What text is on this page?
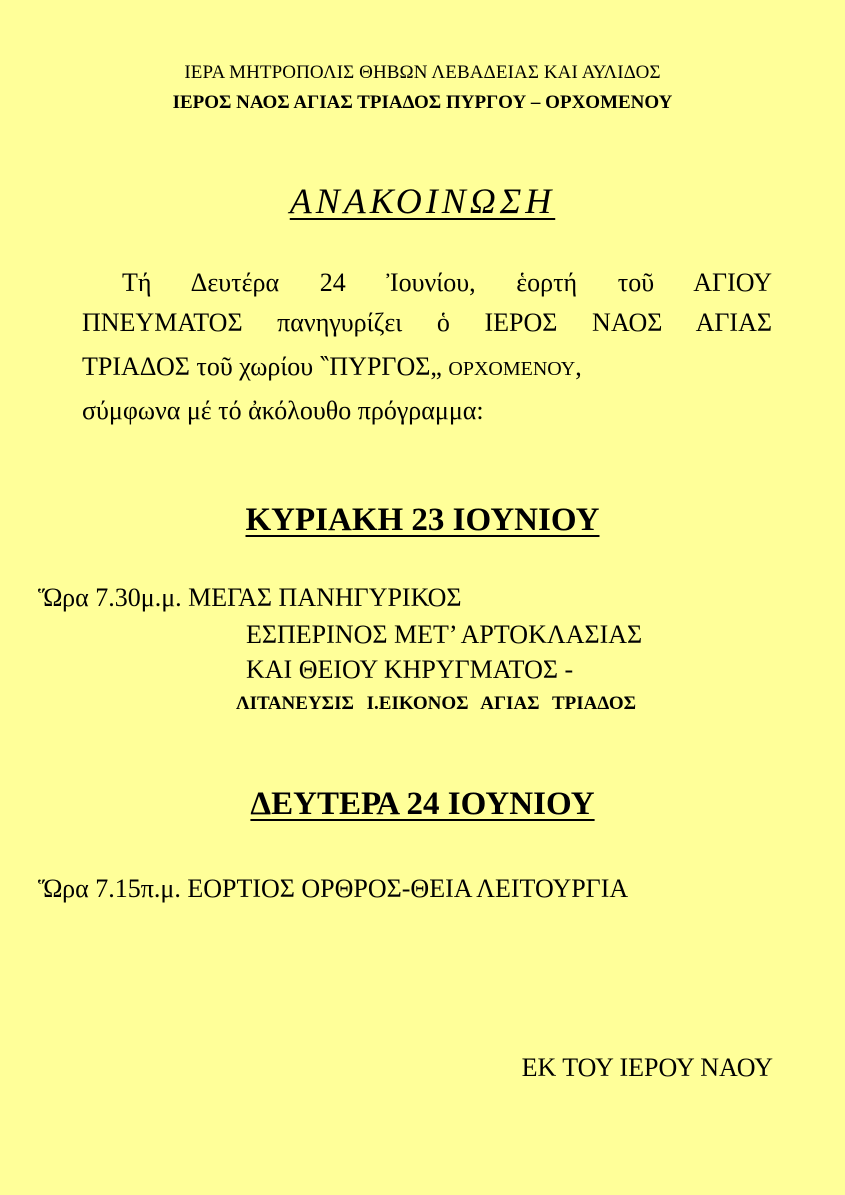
ΙΕΡΑ ΜΗΤΡΟΠΟΛΙΣ ΘΗΒΩΝ ΛΕΒΑΔΕΙΑΣ ΚΑΙ ΑΥΛΙΔΟΣ
ΙΕΡΟΣ ΝΑΟΣ ΑΓΙΑΣ ΤΡΙΑΔΟΣ ΠΥΡΓΟΥ – ΟΡΧΟΜΕΝΟΥ
ΑΝΑΚΟΙΝΩΣΗ
Τή Δευτέρα 24 Ἰουνίου, ἑορτή τοῦ ΑΓΙΟΥ
ΠΝΕΥΜΑΤΟΣ πανηγυρίζει ὁ ΙΕΡΟΣ ΝΑΟΣ ΑΓΙΑΣ
ΤΡΙΑΔΟΣ τοῦ χωρίου ‶ΠΥΡΓΟΣ„ ΟΡΧΟΜΕΝΟΥ,
σύμφωνα μέ τό ἀκόλουθο πρόγραμμα:
ΚΥΡΙΑΚΗ 23 ΙΟΥΝΙΟΥ
Ὥρα 7.30μ.μ. ΜΕΓΑΣ ΠΑΝΗΓΥΡΙΚΟΣ
ΕΣΠΕΡΙΝΟΣ ΜΕΤ’ ΑΡΤΟΚΛΑΣΙΑΣ
ΚΑΙ ΘΕΙΟΥ ΚΗΡΥΓΜΑΤΟΣ -
ΛΙΤΑΝΕΥΣΙΣ Ι.ΕΙΚΟΝΟΣ ΑΓΙΑΣ ΤΡΙΑΔΟΣ
ΔΕΥΤΕΡΑ 24 ΙΟΥΝΙΟΥ
Ὥρα 7.15π.μ. ΕΟΡΤΙΟΣ ΟΡΘΡΟΣ-ΘΕΙΑ ΛΕΙΤΟΥΡΓΙΑ
ΕΚ ΤΟΥ ΙΕΡΟΥ ΝΑΟΥ
